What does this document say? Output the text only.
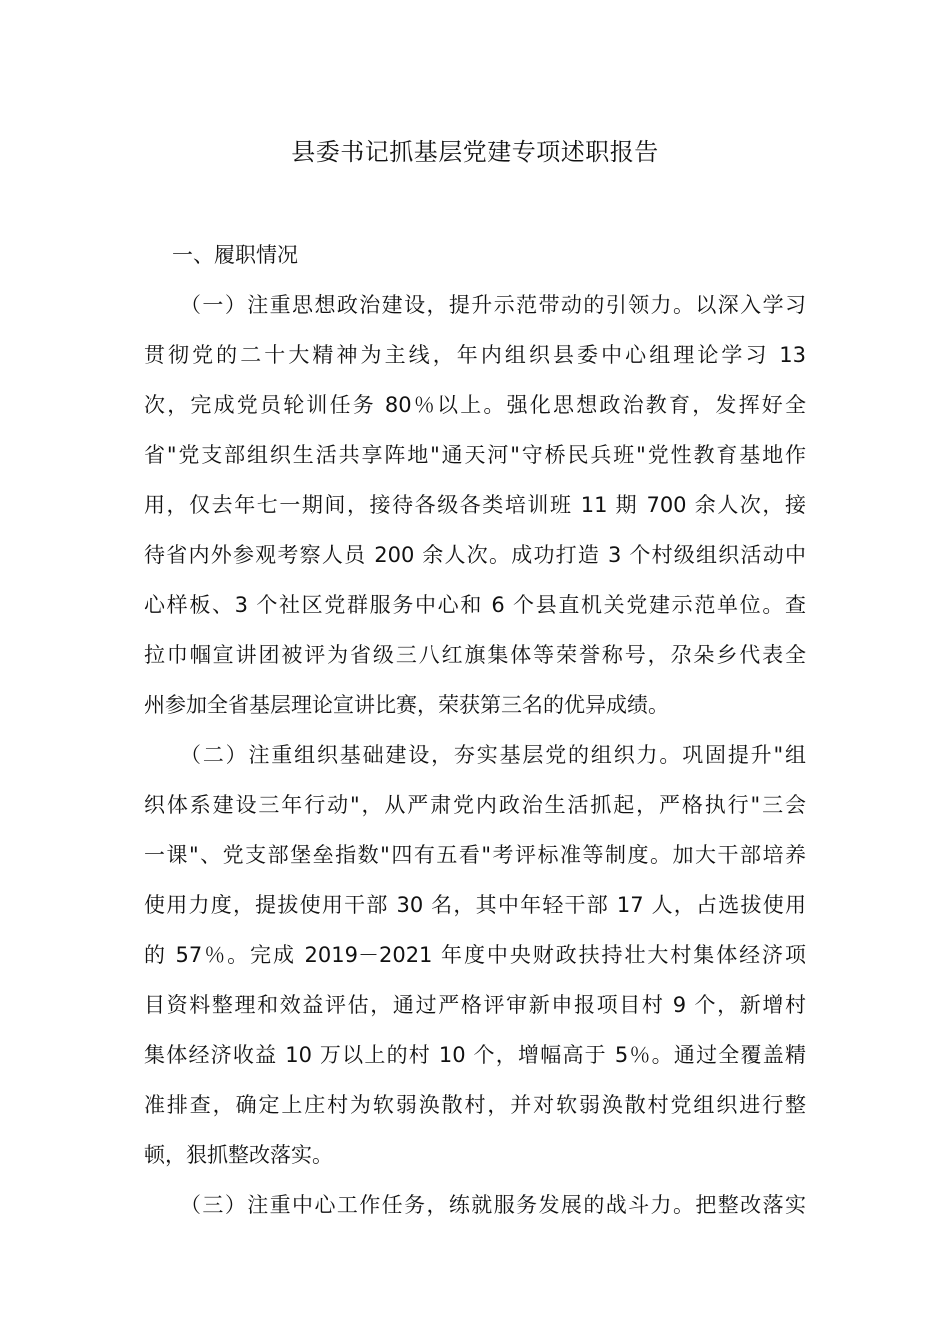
县委书记抓基层党建专项述职报告
一、履职情况
（一）注重思想政治建设，提升示范带动的引领力。以深入学习
贯彻党的二十大精神为主线，年内组织县委中心组理论学习 13
次，完成党员轮训任务 80％以上。强化思想政治教育，发挥好全
省"党支部组织生活共享阵地"通天河"守桥民兵班"党性教育基地作
用，仅去年七一期间，接待各级各类培训班 11 期 700 余人次，接
待省内外参观考察人员 200 余人次。成功打造 3 个村级组织活动中
心样板、3 个社区党群服务中心和 6 个县直机关党建示范单位。查
拉巾帼宣讲团被评为省级三八红旗集体等荣誉称号，尕朵乡代表全
州参加全省基层理论宣讲比赛，荣获第三名的优异成绩。
（二）注重组织基础建设，夯实基层党的组织力。巩固提升"组
织体系建设三年行动"，从严肃党内政治生活抓起，严格执行"三会
一课"、党支部堡垒指数"四有五看"考评标准等制度。加大干部培养
使用力度，提拔使用干部 30 名，其中年轻干部 17 人，占选拔使用
的 57％。完成 2019－2021 年度中央财政扶持壮大村集体经济项
目资料整理和效益评估，通过严格评审新申报项目村 9 个，新增村
集体经济收益 10 万以上的村 10 个，增幅高于 5％。通过全覆盖精
准排查，确定上庄村为软弱涣散村，并对软弱涣散村党组织进行整
顿，狠抓整改落实。
（三）注重中心工作任务，练就服务发展的战斗力。把整改落实
